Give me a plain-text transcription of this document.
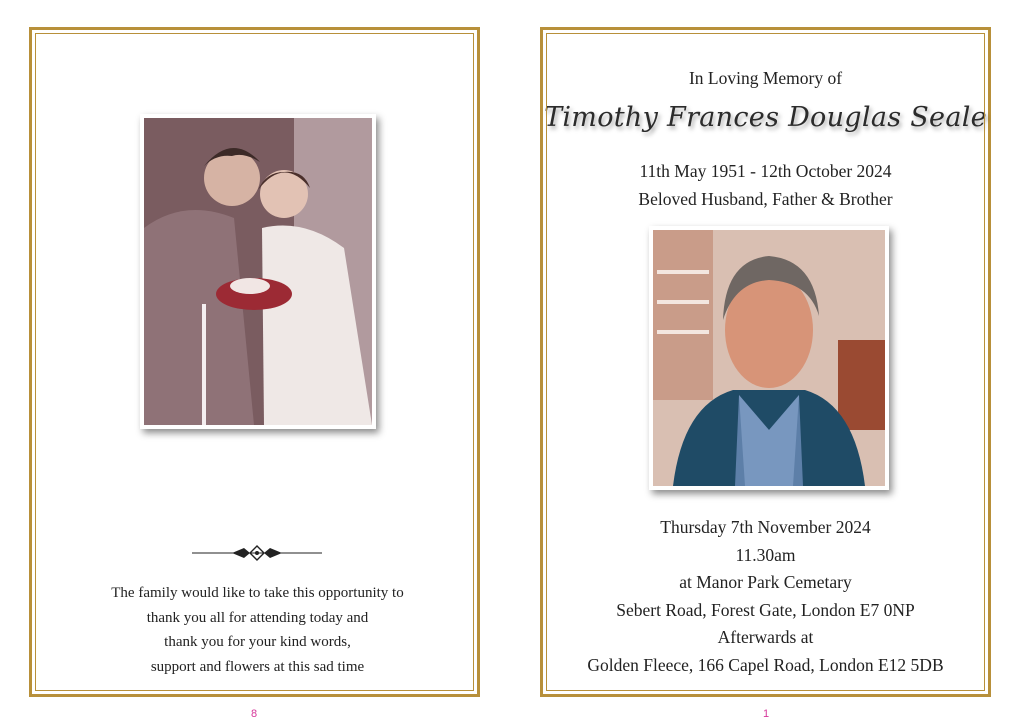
The family would like to take this opportunity to
thank you all for attending today and
thank you for your kind words,
support and flowers at this sad time
In Loving Memory of
Timothy Frances Douglas Seale
11th May 1951 - 12th October 2024
Beloved Husband, Father & Brother
Thursday 7th November 2024
11.30am
at Manor Park Cemetary
Sebert Road, Forest Gate, London E7 0NP
Afterwards at
Golden Fleece, 166 Capel Road, London E12 5DB
8	1
